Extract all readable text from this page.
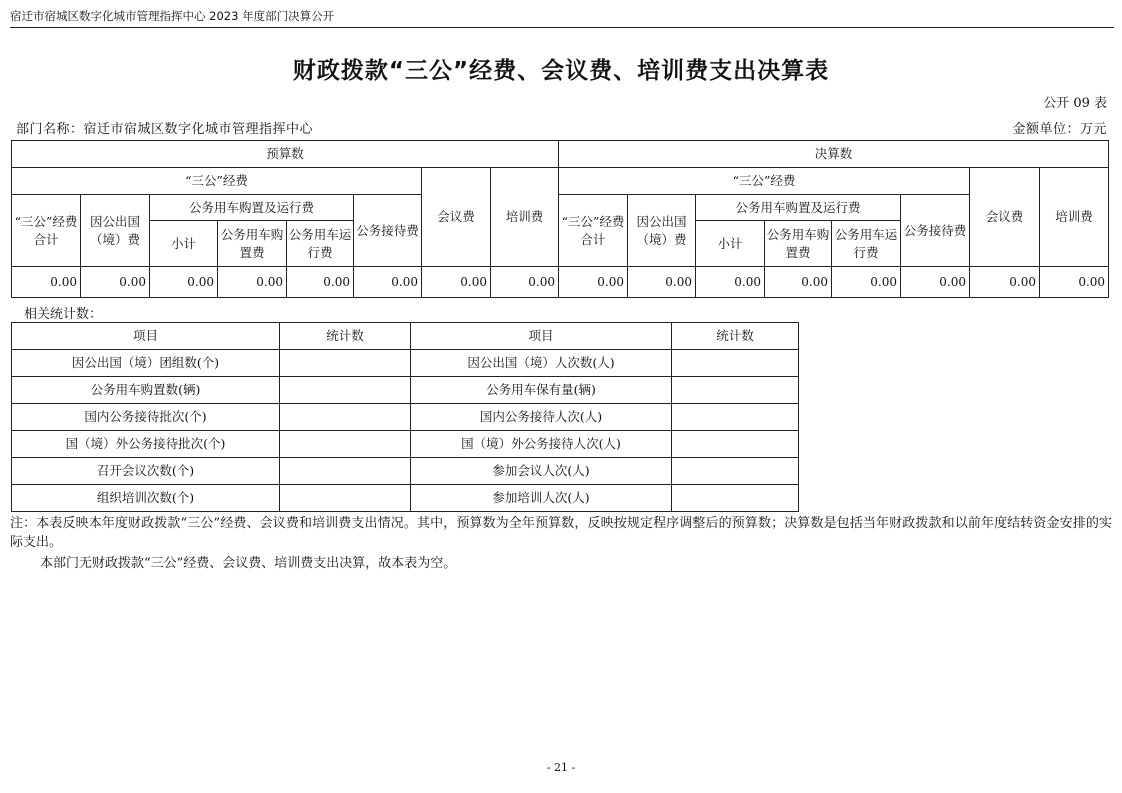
宿迁市宿城区数字化城市管理指挥中心 2023 年度部门决算公开
财政拨款“三公”经费、会议费、培训费支出决算表
公开 09 表
部门名称：宿迁市宿城区数字化城市管理指挥中心	金额单位：万元
预算数								决算数							
“三公”经费						会议费	培训费	“三公”经费						会议费	培训费
“三公”经费合计	因公出国（境）费	公务用车购置及运行费			公务接待费			“三公”经费合计	因公出国（境）费	公务用车购置及运行费			公务接待费		
		小计	公务用车购置费	公务用车运行费						小计	公务用车购置费	公务用车运行费			
0.00	0.00	0.00	0.00	0.00	0.00	0.00	0.00	0.00	0.00	0.00	0.00	0.00	0.00	0.00	0.00
相关统计数：
项目	统计数	项目	统计数
因公出国（境）团组数(个)		因公出国（境）人次数(人)	
公务用车购置数(辆)		公务用车保有量(辆)	
国内公务接待批次(个)		国内公务接待人次(人)	
国（境）外公务接待批次(个)		国（境）外公务接待人次(人)	
召开会议次数(个)		参加会议人次(人)	
组织培训次数(个)		参加培训人次(人)	
注：本表反映本年度财政拨款“三公”经费、会议费和培训费支出情况。其中，预算数为全年预算数，反映按规定程序调整后的预算数；决算数是包括当年财政拨款和以前年度结转资金安排的实际支出。
本部门无财政拨款“三公”经费、会议费、培训费支出决算，故本表为空。
- 21 -
